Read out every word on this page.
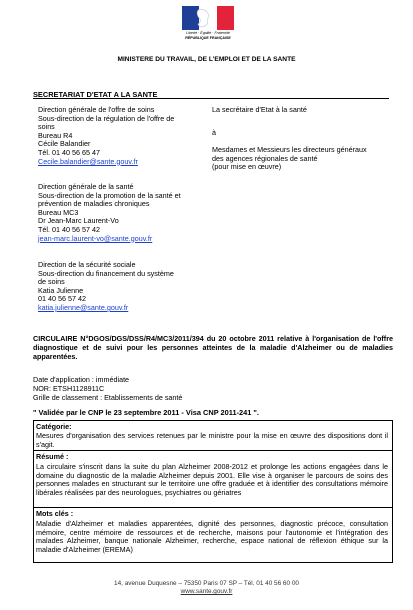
Liberté · Égalité · Fraternité
RÉPUBLIQUE FRANÇAISE
MINISTERE DU TRAVAIL, DE L'EMPLOI ET DE LA SANTE
SECRETARIAT D'ETAT A LA SANTE
Direction générale de l'offre de soins
Sous-direction de la régulation de l'offre de
soins
Bureau R4
Cécile Balandier
Tél. 01 40 56 65 47
Cecile.balandier@sante.gouv.fr
La secrétaire d'Etat à la santé
à
Mesdames et Messieurs les directeurs généraux
des agences régionales de santé
(pour mise en œuvre)
Direction générale de la santé
Sous-direction de la promotion de la santé et
prévention de maladies chroniques
Bureau MC3
Dr Jean-Marc Laurent-Vo
Tél. 01 40 56 57 42
jean-marc.laurent-vo@sante.gouv.fr
Direction de la sécurité sociale
Sous-direction du financement du système
de soins
Katia Julienne
01 40 56 57 42
katia.julienne@sante.gouv.fr
CIRCULAIRE N°DGOS/DGS/DSS/R4/MC3/2011/394 du 20 octobre 2011 relative à l'organisation de l'offre diagnostique et de suivi pour les personnes atteintes de la maladie d'Alzheimer ou de maladies apparentées.
Date d'application : immédiate
NOR: ETSH1128911C
Grille de classement : Etablissements de santé
" Validée par le CNP le 23 septembre 2011 - Visa CNP 2011-241 ".
Catégorie:
Mesures d'organisation des services retenues par le ministre pour la mise en œuvre des dispositions dont il s'agit.
Résumé :
La circulaire s'inscrit dans la suite du plan Alzheimer 2008-2012 et prolonge les actions engagées dans le domaine du diagnostic de la maladie Alzheimer depuis 2001. Elle vise à organiser le parcours de soins des personnes malades en structurant sur le territoire une offre graduée et à identifier des consultations mémoire libérales réalisées par des neurologues, psychiatres ou gériatres
Mots clés :
Maladie d'Alzheimer et maladies apparentées, dignité des personnes, diagnostic précoce, consultation mémoire, centre mémoire de ressources et de recherche, maisons pour l'autonomie et l'intégration des malades Alzheimer, banque nationale Alzheimer, recherche, espace national de réflexion éthique sur la maladie d'Alzheimer (EREMA)
14, avenue Duquesne – 75350 Paris 07 SP – Tél. 01 40 56 60 00
www.sante.gouv.fr
